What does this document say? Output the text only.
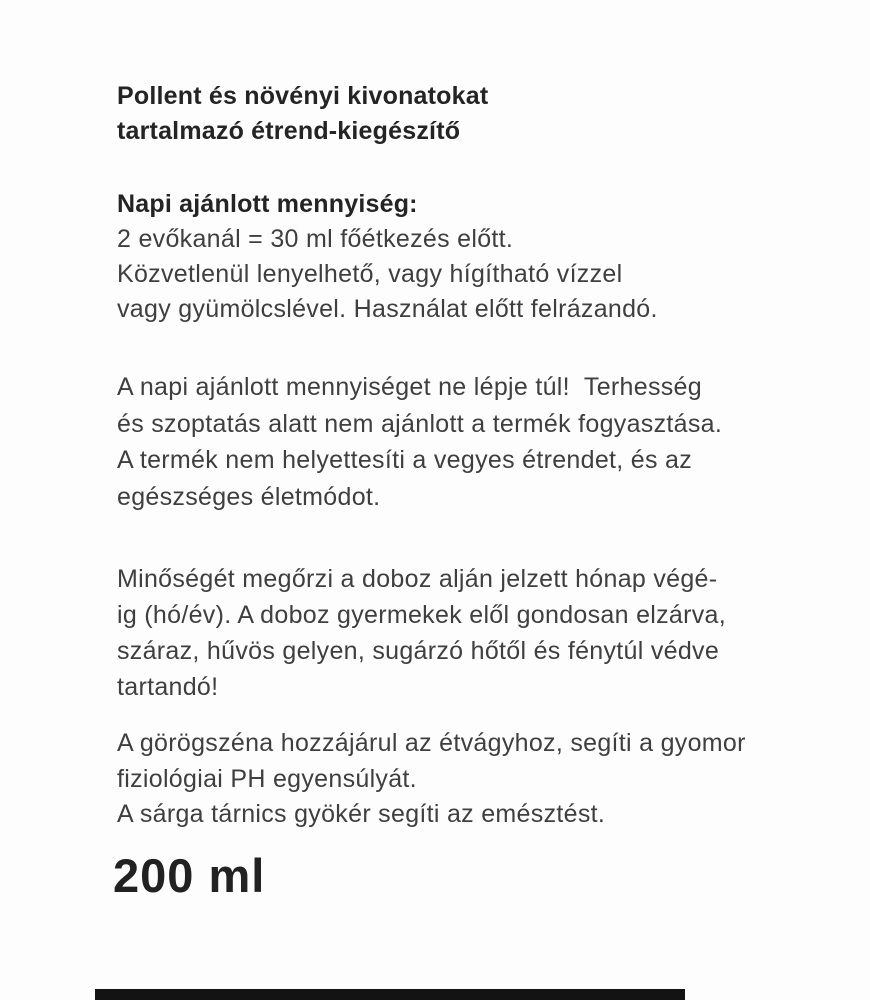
Pollent és növényi kivonatokat
tartalmazó étrend-kiegészítő
Napi ajánlott mennyiség:
2 evőkanál = 30 ml főétkezés előtt.
Közvetlenül lenyelhető, vagy hígítható vízzel
vagy gyümölcslével. Használat előtt felrázandó.
A napi ajánlott mennyiséget ne lépje túl!  Terhesség
és szoptatás alatt nem ajánlott a termék fogyasztása.
A termék nem helyettesíti a vegyes étrendet, és az
egészséges életmódot.
Minőségét megőrzi a doboz alján jelzett hónap végé-
ig (hó/év). A doboz gyermekek elől gondosan elzárva,
száraz, hűvös gelyen, sugárzó hőtől és fénytúl védve
tartandó!
A görögszéna hozzájárul az étvágyhoz, segíti a gyomor
fiziológiai PH egyensúlyát.
A sárga tárnics gyökér segíti az emésztést.
200 ml
